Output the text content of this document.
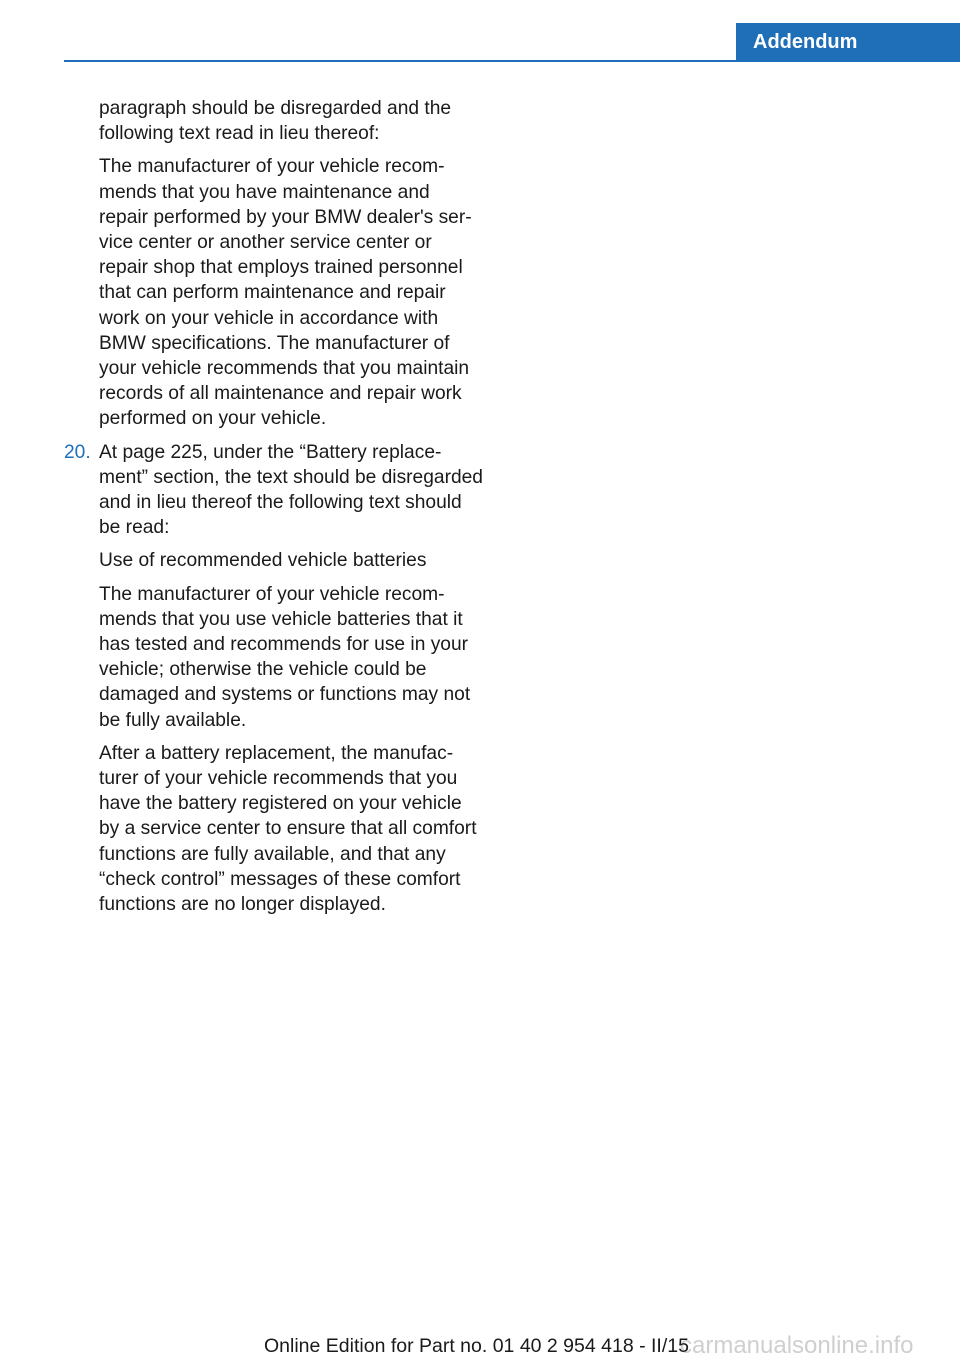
Addendum

paragraph should be disregarded and the following text read in lieu thereof:

The manufacturer of your vehicle recommends that you have maintenance and repair performed by your BMW dealer's service center or another service center or repair shop that employs trained personnel that can perform maintenance and repair work on your vehicle in accordance with BMW specifications. The manufacturer of your vehicle recommends that you maintain records of all maintenance and repair work performed on your vehicle.

20. At page 225, under the “Battery replacement” section, the text should be disregarded and in lieu thereof the following text should be read:

Use of recommended vehicle batteries

The manufacturer of your vehicle recommends that you use vehicle batteries that it has tested and recommends for use in your vehicle; otherwise the vehicle could be damaged and systems or functions may not be fully available.

After a battery replacement, the manufacturer of your vehicle recommends that you have the battery registered on your vehicle by a service center to ensure that all comfort functions are fully available, and that any “check control” messages of these comfort functions are no longer displayed.

carmanualsonline.info
Online Edition for Part no. 01 40 2 954 418 - II/15
